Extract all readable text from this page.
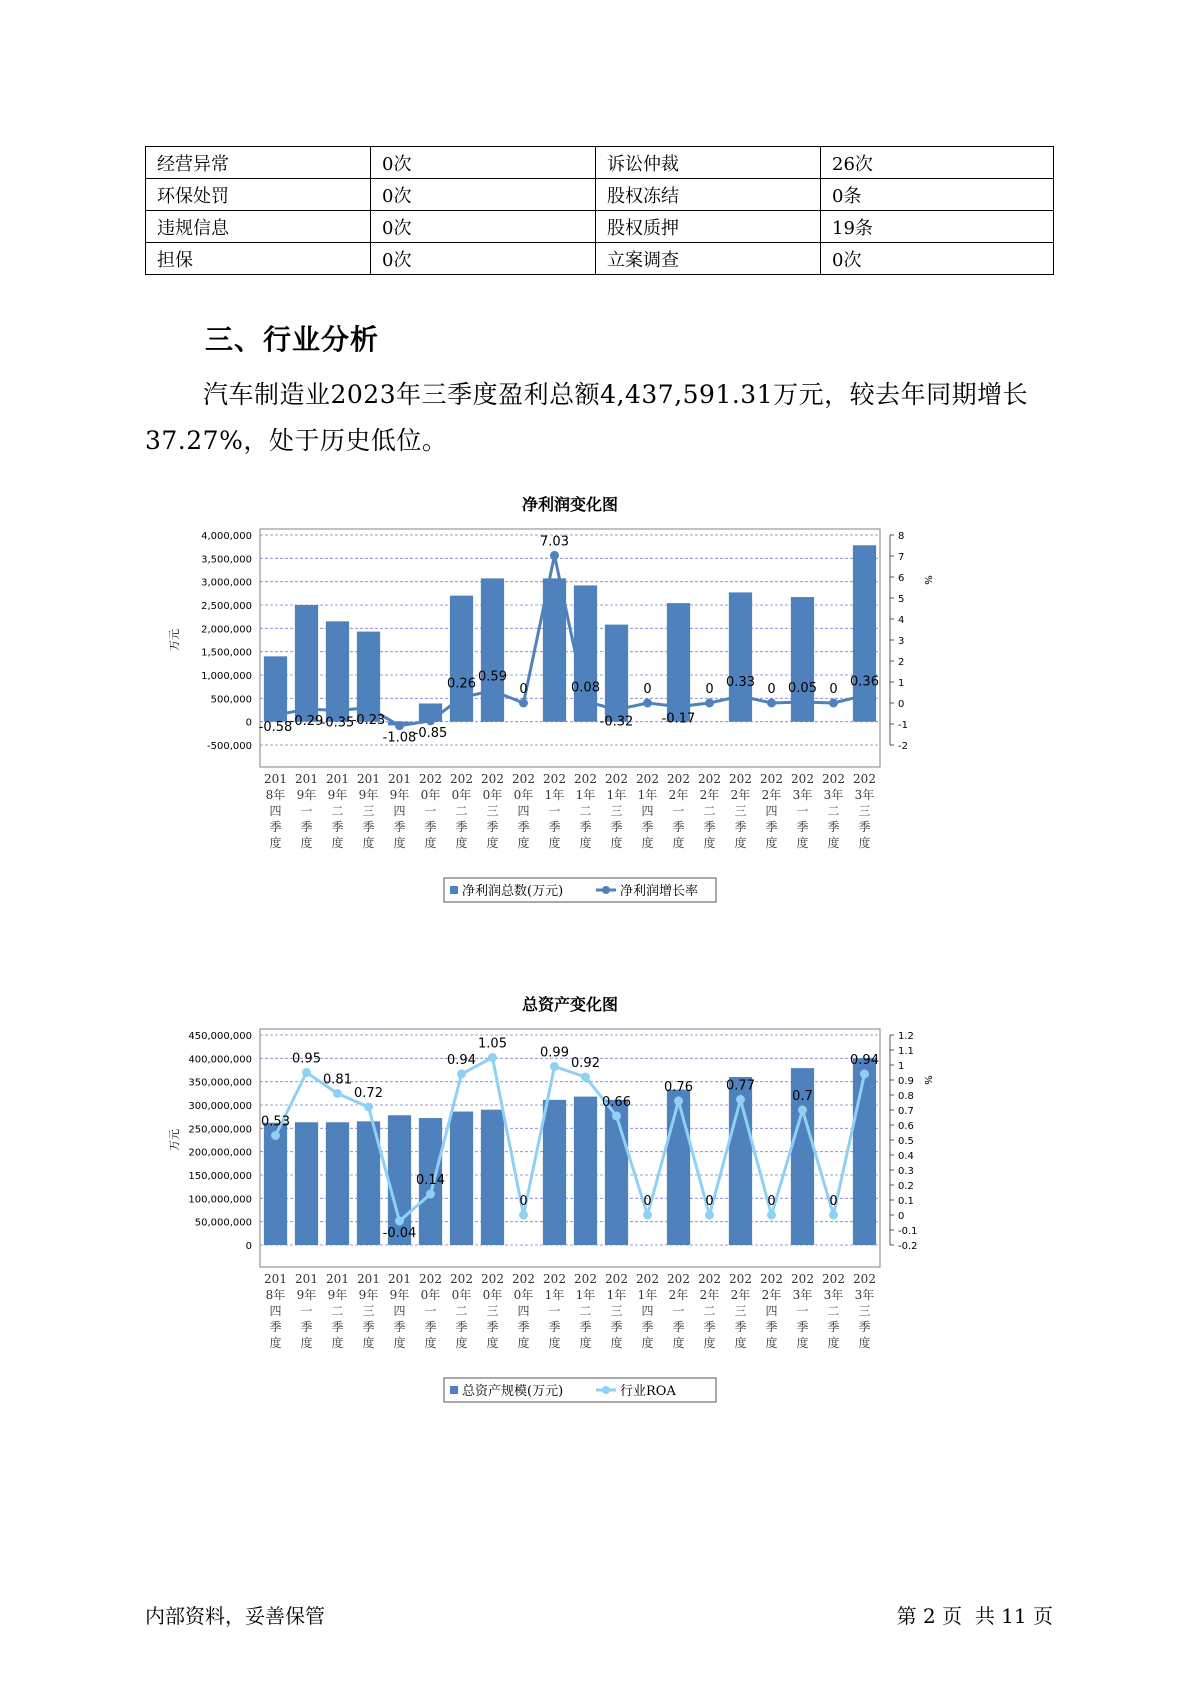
经营异常	0次	诉讼仲裁	26次
环保处罚	0次	股权冻结	0条
违规信息	0次	股权质押	19条
担保	0次	立案调查	0次
三、行业分析

汽车制造业2023年三季度盈利总额4,437,591.31万元，较去年同期增长37.27%，处于历史低位。

净利润变化图
-500,000
0
500,000
1,000,000
1,500,000
2,000,000
2,500,000
3,000,000
3,500,000
4,000,000
-2
-1
0
1
2
3
4
5
6
7
8
万元
%
-0.58
-0.29
-0.35
-0.23
-1.08
-0.85
0.26 0.59
0
7.03
0.08
-0.32
0
-0.17
0 0.33 0 0.05 0
0.36
201 8年四季度
201 9年一季度
201 9年二季度
201 9年三季度
201 9年四季度
202 0年一季度
202 0年二季度
202 0年三季度
202 0年四季度
202 1年一季度
202 1年二季度
202 1年三季度
202 1年四季度
202 2年一季度
202 2年二季度
202 2年三季度
202 2年四季度
202 3年一季度
202 3年二季度
202 3年三季度
净利润总数(万元)	净利润增长率
总资产变化图
0
50,000,000
100,000,000
150,000,000
200,000,000
250,000,000
300,000,000
350,000,000
400,000,000
450,000,000
-0.2
-0.1
0
0.1
0.2
0.3
0.4
0.5
0.6
0.7
0.8
0.9
1
1.1
1.2
万元
%
0.53
0.95
0.81
0.72
-0.04
0.14
0.94
1.05
0
0.99
0.92
0.66
0
0.76
0
0.77
0
0.7
0
0.94
201 8年四季度
201 9年一季度
201 9年二季度
201 9年三季度
201 9年四季度
202 0年一季度
202 0年二季度
202 0年三季度
202 0年四季度
202 1年一季度
202 1年二季度
202 1年三季度
202 1年四季度
202 2年一季度
202 2年二季度
202 2年三季度
202 2年四季度
202 3年一季度
202 3年二季度
202 3年三季度
总资产规模(万元)	行业ROA
内部资料，妥善保管	第 2 页  共 11 页
